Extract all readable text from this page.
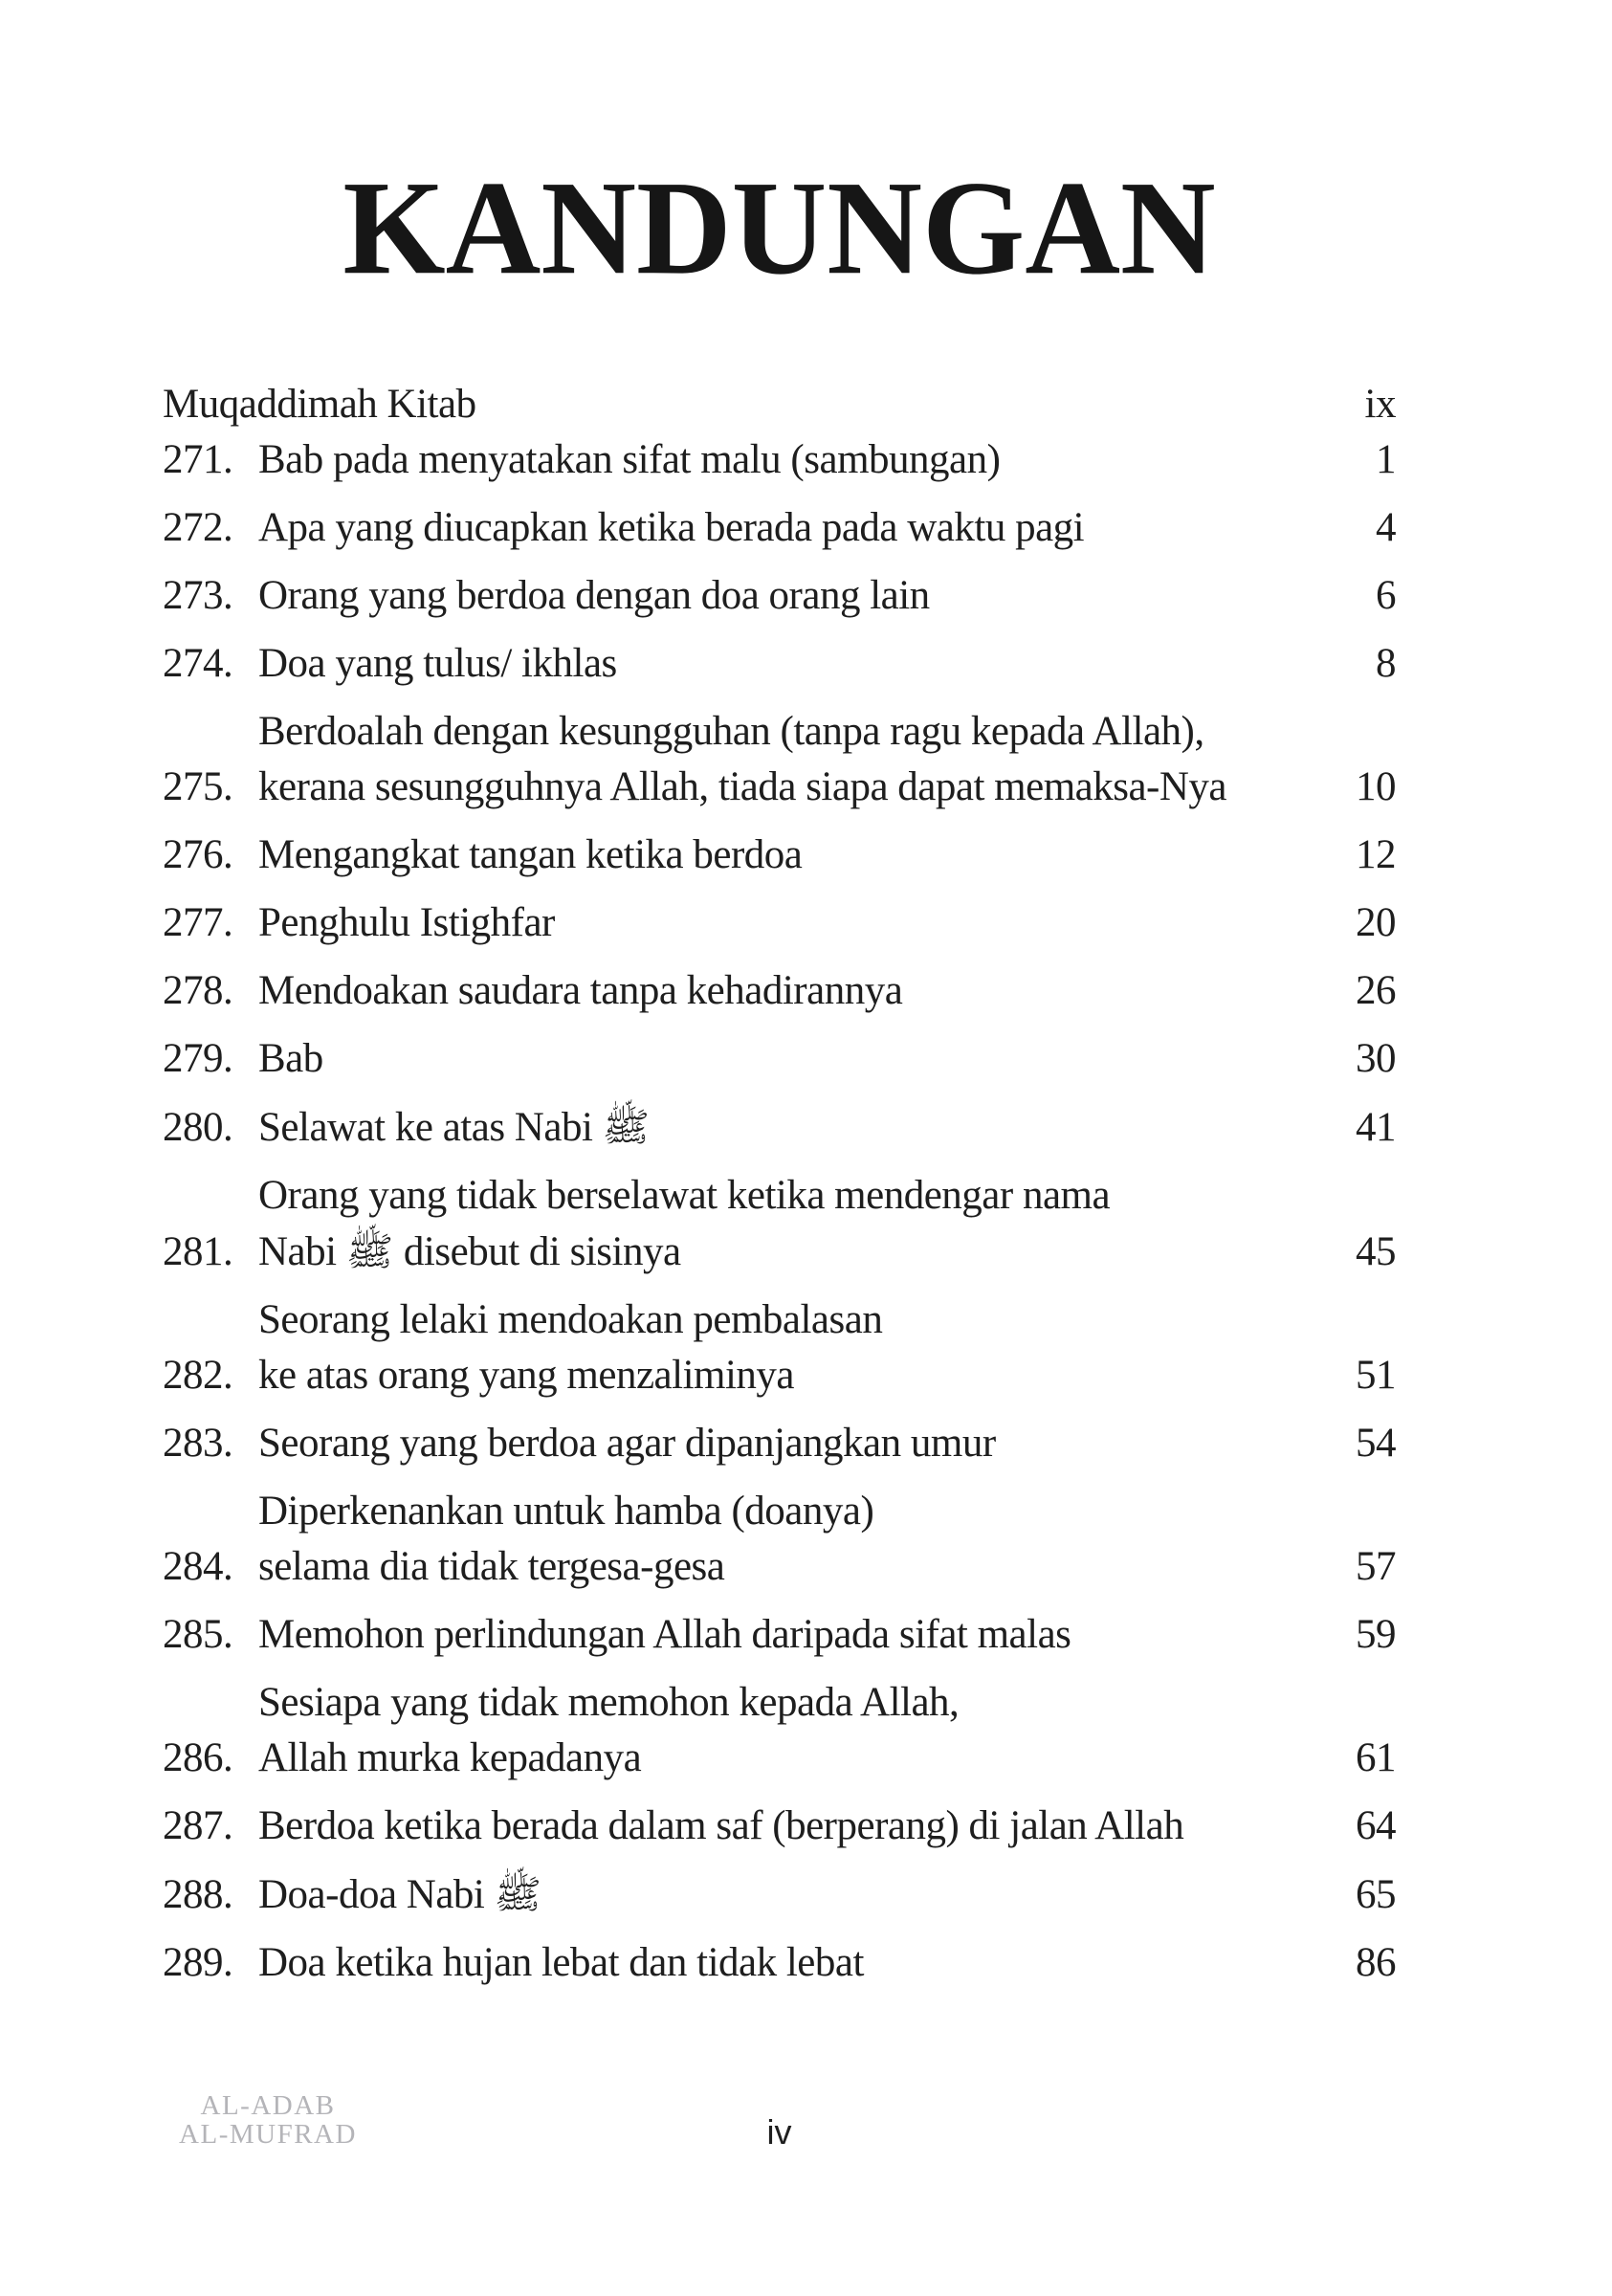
KANDUNGAN
Muqaddimah Kitab	ix
271. Bab pada menyatakan sifat malu (sambungan)	1
272. Apa yang diucapkan ketika berada pada waktu pagi	4
273. Orang yang berdoa dengan doa orang lain	6
274. Doa yang tulus/ ikhlas	8
275.
Berdoalah dengan kesungguhan (tanpa ragu kepada Allah),
kerana sesungguhnya Allah, tiada siapa dapat memaksa-Nya	10
276. Mengangkat tangan ketika berdoa	12
277. Penghulu Istighfar	20
278. Mendoakan saudara tanpa kehadirannya	26
279. Bab	30
280. Selawat ke atas Nabi ﷺ	41
281.
Orang yang tidak berselawat ketika mendengar nama
Nabi ﷺ disebut di sisinya	45
282.
Seorang lelaki mendoakan pembalasan
ke atas orang yang menzaliminya	51
283. Seorang yang berdoa agar dipanjangkan umur	54
284.
Diperkenankan untuk hamba (doanya)
selama dia tidak tergesa-gesa	57
285. Memohon perlindungan Allah daripada sifat malas	59
286.
Sesiapa yang tidak memohon kepada Allah,
Allah murka kepadanya	61
287. Berdoa ketika berada dalam saf (berperang) di jalan Allah	64
288. Doa-doa Nabi ﷺ	65
289. Doa ketika hujan lebat dan tidak lebat	86
AL-ADAB
AL-MUFRAD	iv
